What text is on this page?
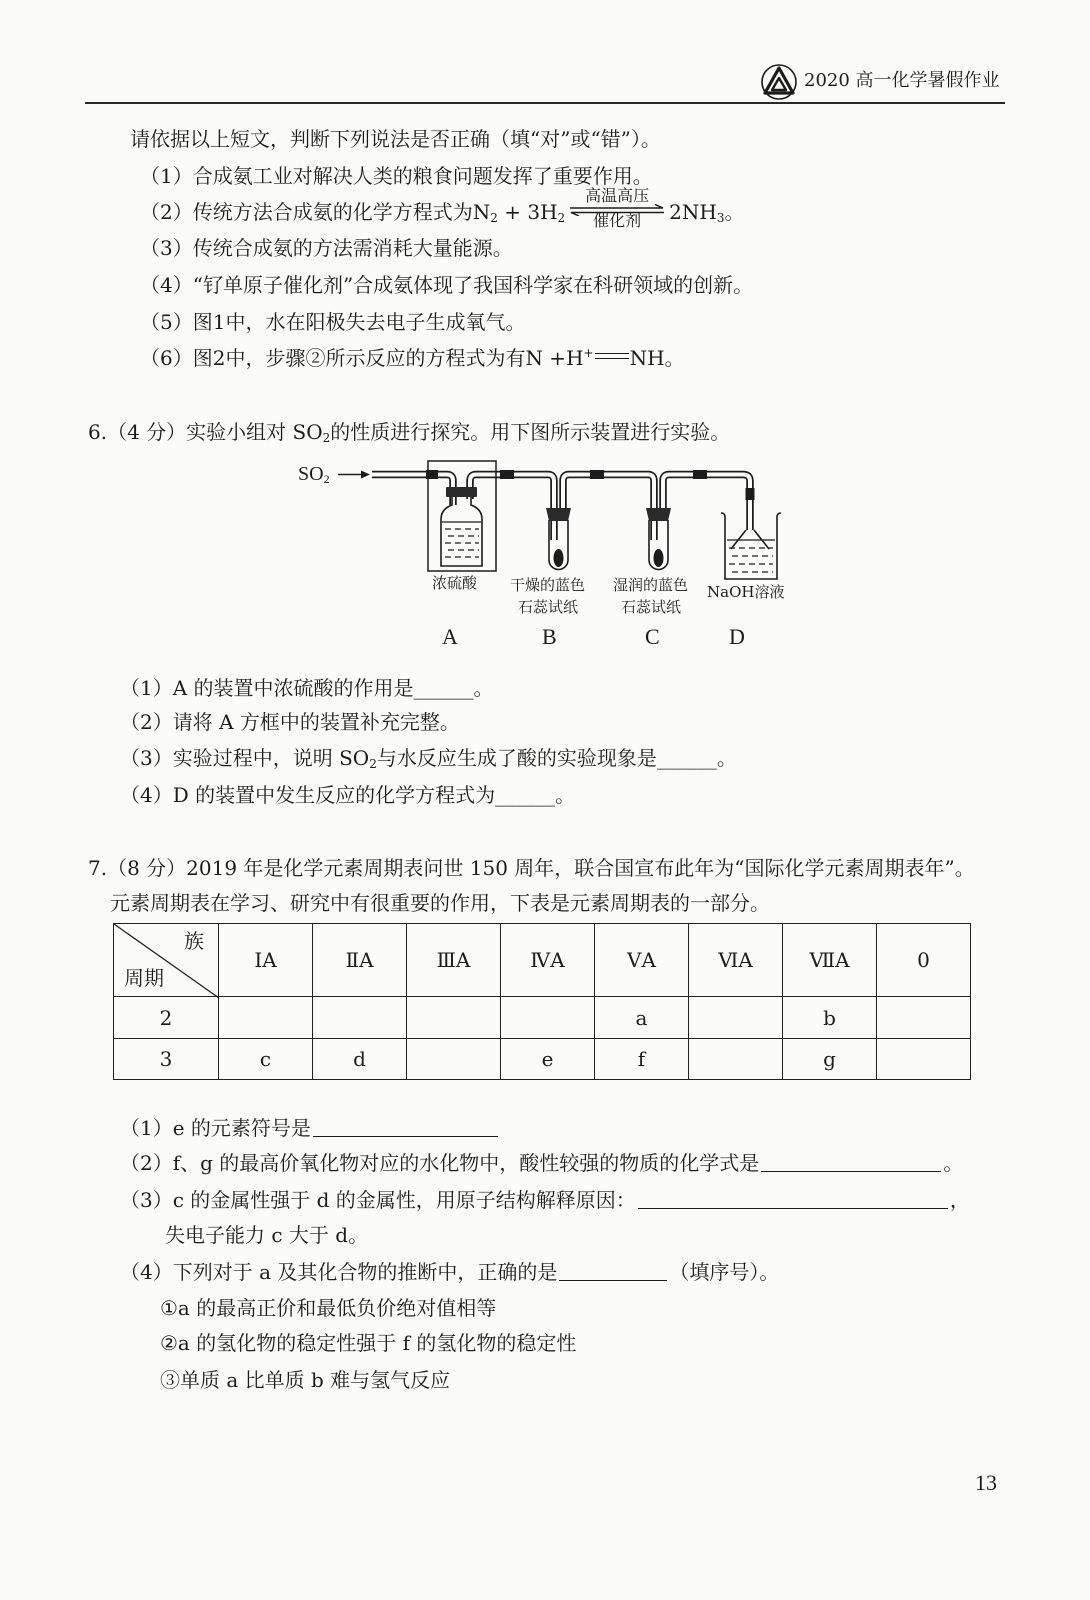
2020 高一化学暑假作业
请依据以上短文，判断下列说法是否正确（填“对”或“错”）。
（1）合成氨工业对解决人类的粮食问题发挥了重要作用。
（2）传统方法合成氨的化学方程式为$N_2 + 3H_2$
高温高压
催化剂	$2NH_3$。
（3）传统合成氨的方法需消耗大量能源。
（4）“钌单原子催化剂”合成氨体现了我国科学家在科研领域的创新。
（5）图1中，水在阳极失去电子生成氧气。
（6）图2中，步骤②所示反应的方程式为有N +H+ NH。
6.（4 分）实验小组对 $SO_2$的性质进行探究。用下图所示装置进行实验。
$SO_2$
浓硫酸 干燥的蓝色
石蕊试纸
湿润的蓝色
石蕊试纸
NaOH溶液
A	B	C	D
（1）A 的装置中浓硫酸的作用是______。
（2）请将 A 方框中的装置补充完整。
（3）实验过程中，说明 $SO_2$与水反应生成了酸的实验现象是______。
（4）D 的装置中发生反应的化学方程式为______。
7.（8 分）2019 年是化学元素周期表问世 150 周年，联合国宣布此年为“国际化学元素周期表年”。
元素周期表在学习、研究中有很重要的作用，下表是元素周期表的一部分。
族
周期	ⅠA	ⅡA	ⅢA	ⅣA	ⅤA	ⅥA	ⅦA	0
2					a		b	
3	c	d		e	f		g	
（1）e 的元素符号是
（2）f、g 的最高价氧化物对应的水化物中，酸性较强的物质的化学式是	。
（3）c 的金属性强于 d 的金属性，用原子结构解释原因：	，
失电子能力 c 大于 d。
（4）下列对于 a 及其化合物的推断中，正确的是	（填序号）。
①a 的最高正价和最低负价绝对值相等
②a 的氢化物的稳定性强于 f 的氢化物的稳定性
③单质 a 比单质 b 难与氢气反应
13
